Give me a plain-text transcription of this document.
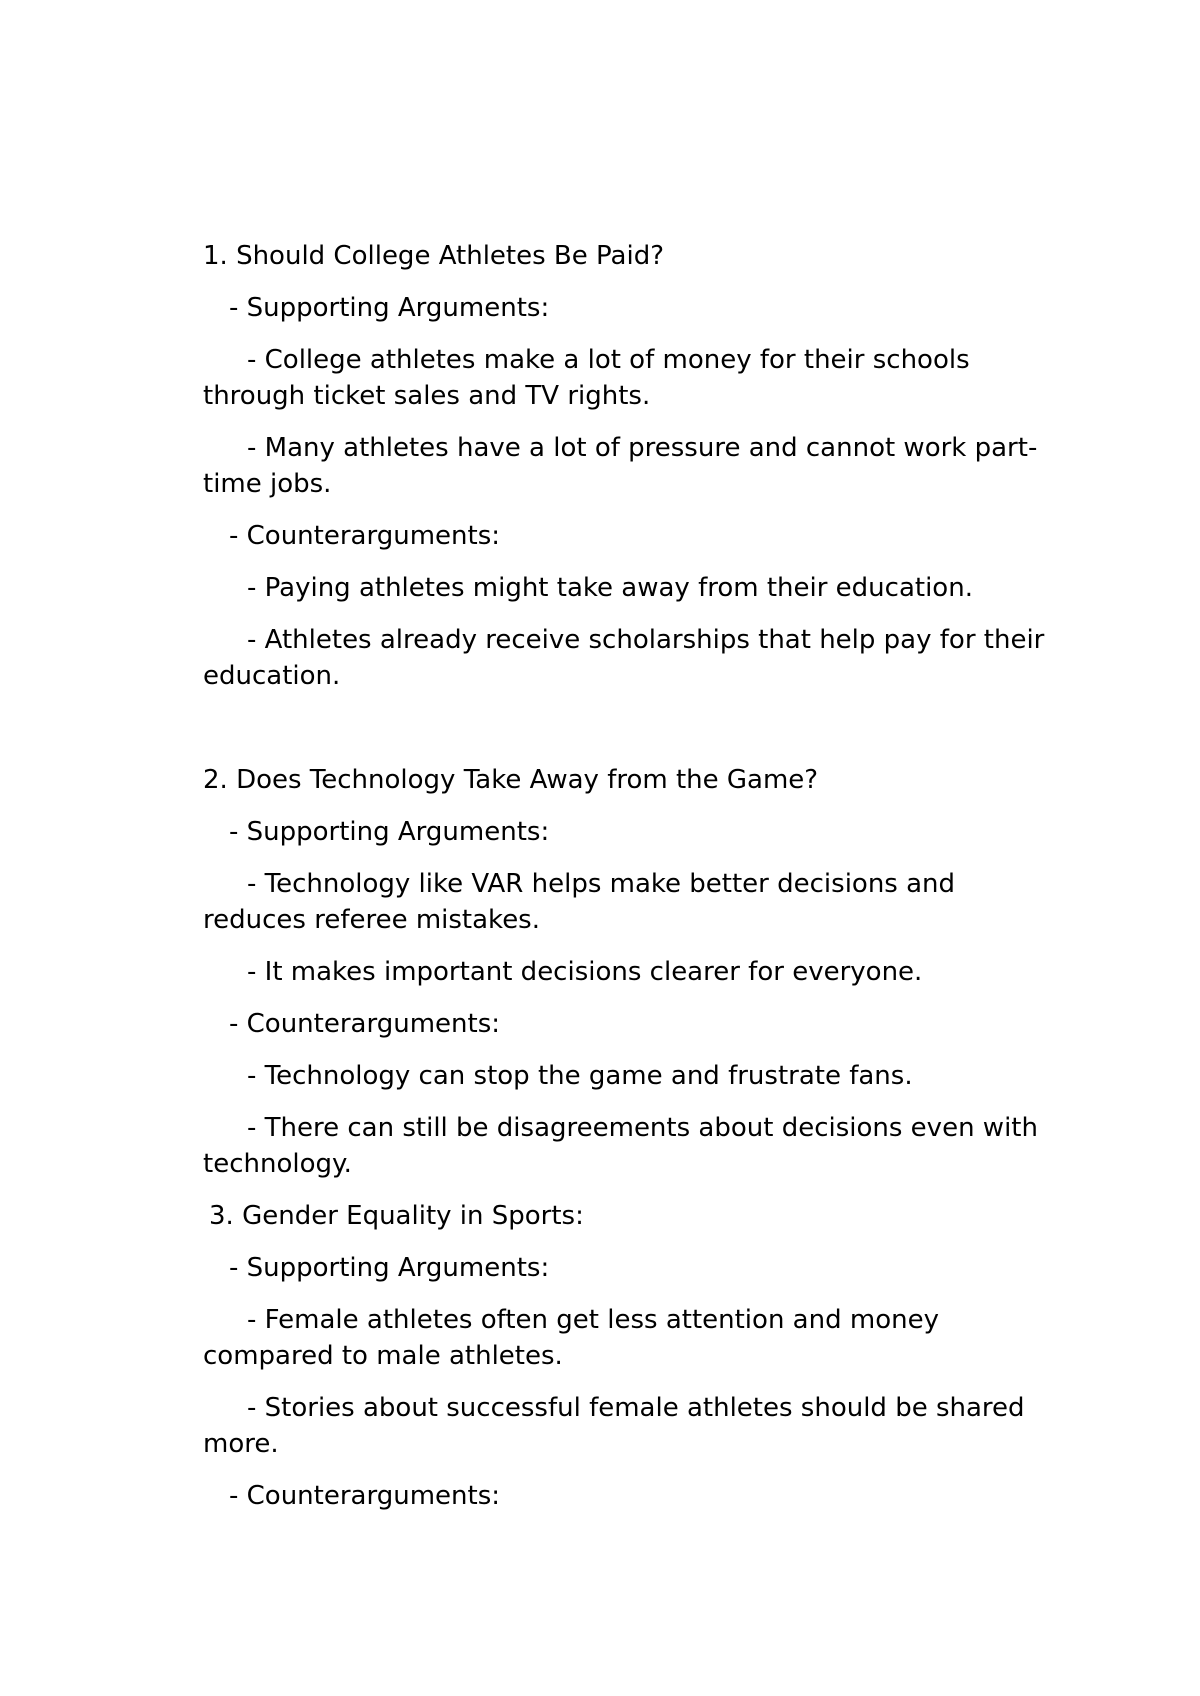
1. Should College Athletes Be Paid?

- Supporting Arguments:

- College athletes make a lot of money for their schools through ticket sales and TV rights.

- Many athletes have a lot of pressure and cannot work part-time jobs.

- Counterarguments:

- Paying athletes might take away from their education.

- Athletes already receive scholarships that help pay for their education.

2. Does Technology Take Away from the Game?

- Supporting Arguments:

- Technology like VAR helps make better decisions and reduces referee mistakes.

- It makes important decisions clearer for everyone.

- Counterarguments:

- Technology can stop the game and frustrate fans.

- There can still be disagreements about decisions even with technology.

3. Gender Equality in Sports:

- Supporting Arguments:

- Female athletes often get less attention and money compared to male athletes.

- Stories about successful female athletes should be shared more.

- Counterarguments:
